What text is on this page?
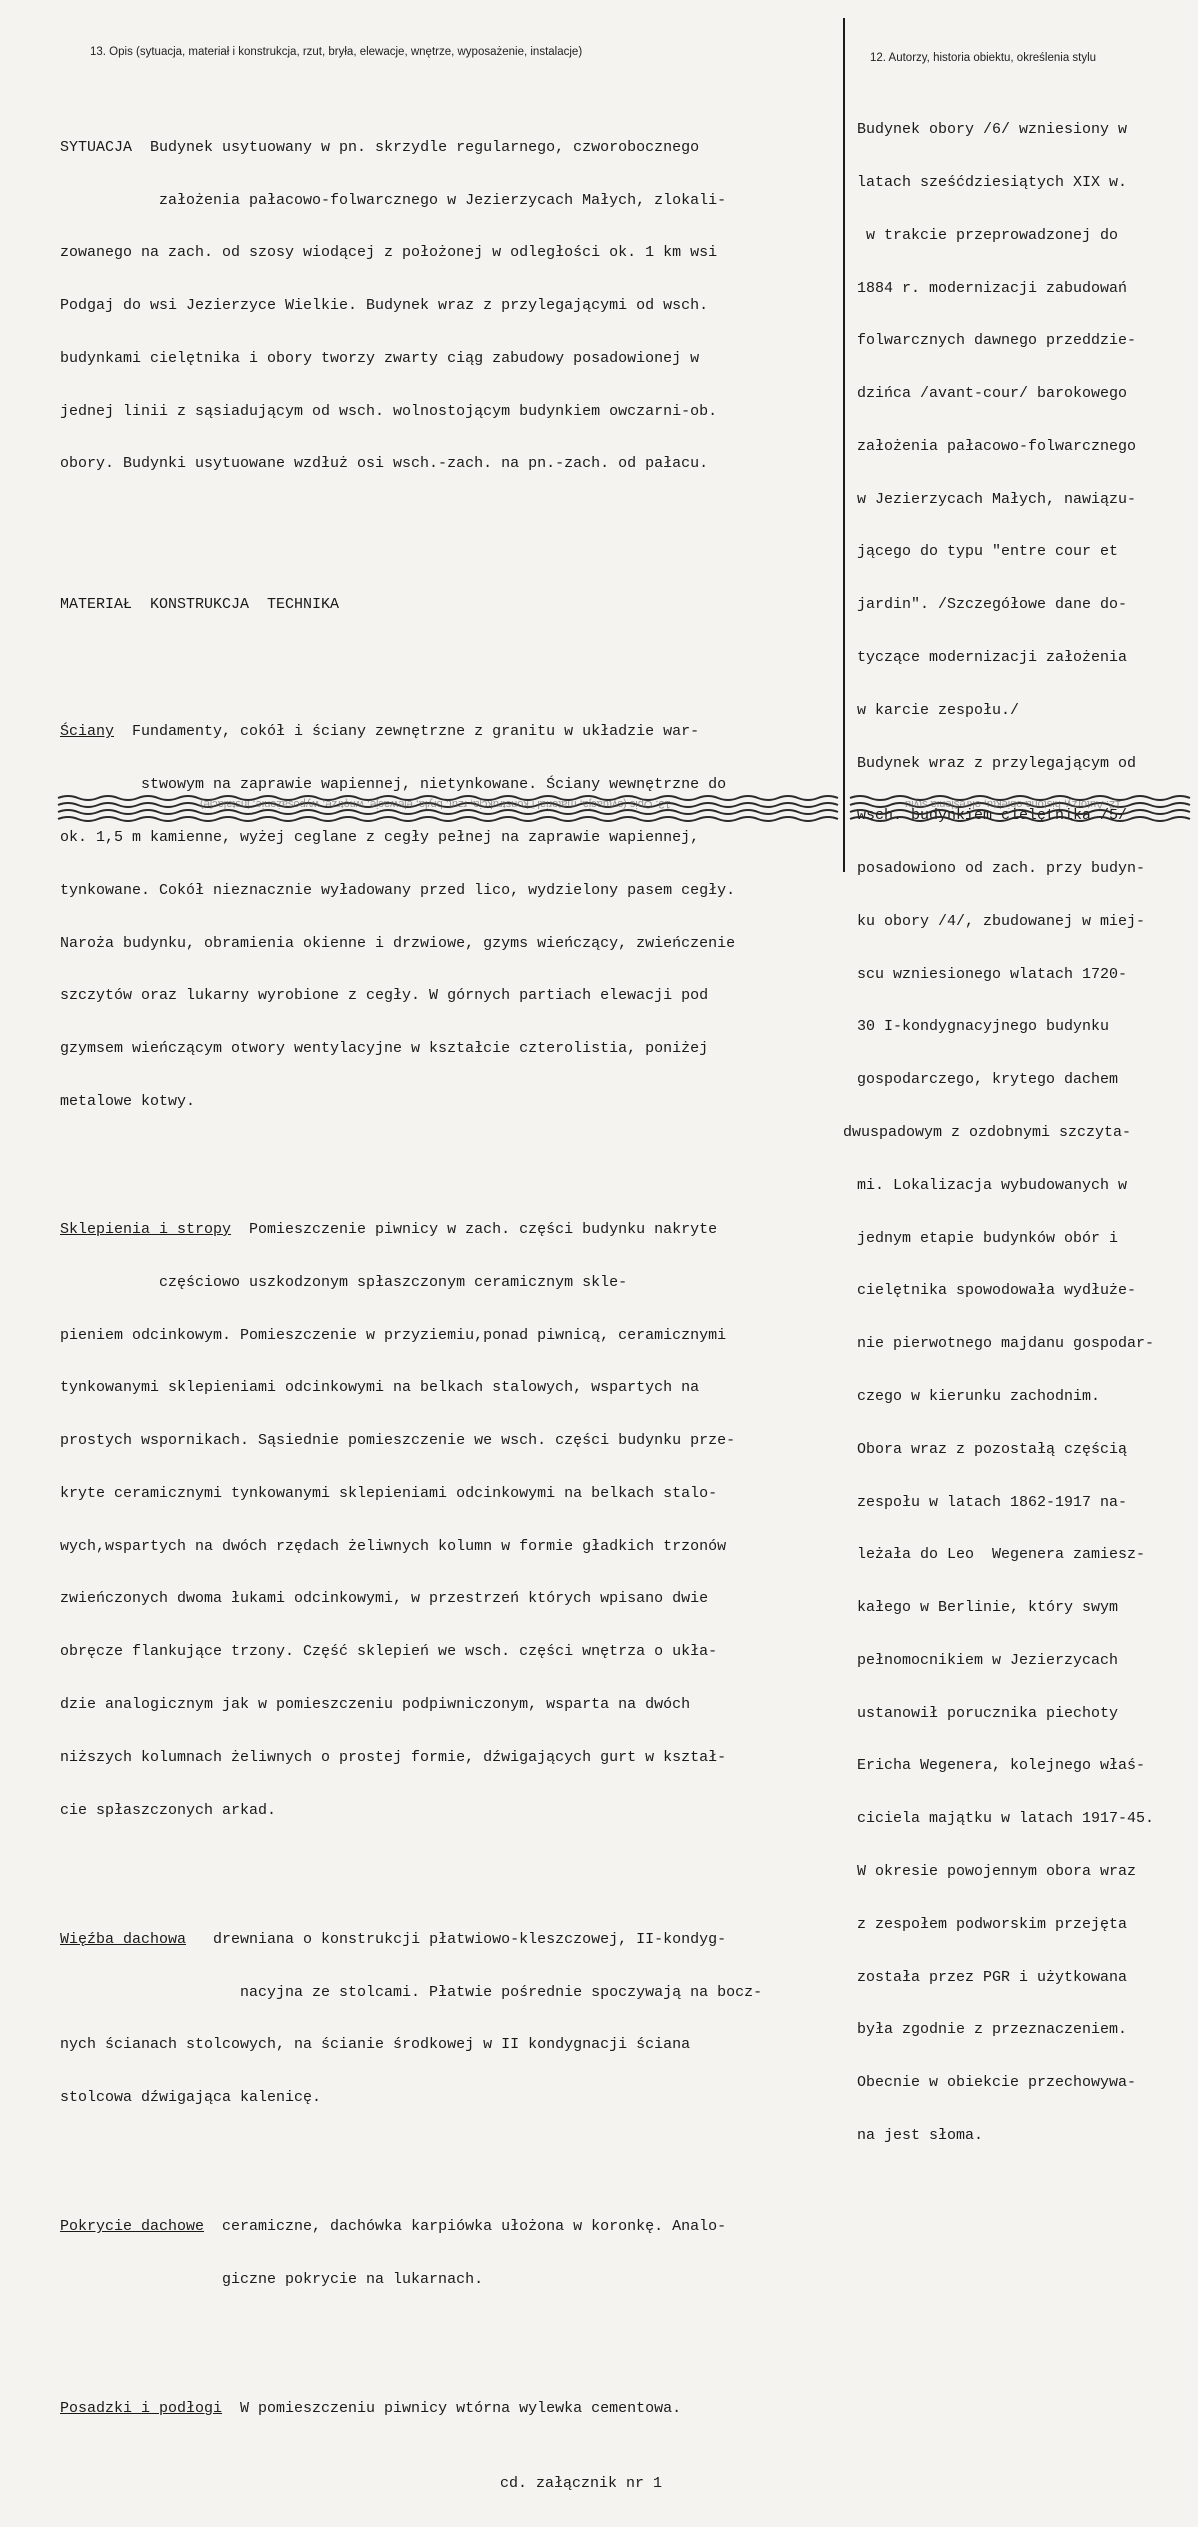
13. Opis (sytuacja, materiał i konstrukcja, rzut, bryła, elewacje, wnętrze, wyposażenie, instalacje)	12. Autorzy, historia obiektu, określenia stylu

SYTUACJA  Budynek usytuowany w pn. skrzydle regularnego, czworobocznego

założenia pałacowo-folwarcznego w Jezierzycach Małych, zlokali-

zowanego na zach. od szosy wiodącej z położonej w odległości ok. 1 km wsi

Podgaj do wsi Jezierzyce Wielkie. Budynek wraz z przylegającymi od wsch.

budynkami cielętnika i obory tworzy zwarty ciąg zabudowy posadowionej w

jednej linii z sąsiadującym od wsch. wolnostojącym budynkiem owczarni-ob.

obory. Budynki usytuowane wzdłuż osi wsch.-zach. na pn.-zach. od pałacu.

MATERIAŁ  KONSTRUKCJA  TECHNIKA

Ściany  Fundamenty, cokół i ściany zewnętrzne z granitu w układzie war-

stwowym na zaprawie wapiennej, nietynkowane. Ściany wewnętrzne do

ok. 1,5 m kamienne, wyżej ceglane z cegły pełnej na zaprawie wapiennej,

tynkowane. Cokół nieznacznie wyładowany przed lico, wydzielony pasem cegły.

Naroża budynku, obramienia okienne i drzwiowe, gzyms wieńczący, zwieńczenie

szczytów oraz lukarny wyrobione z cegły. W górnych partiach elewacji pod

gzymsem wieńczącym otwory wentylacyjne w kształcie czterolistia, poniżej

metalowe kotwy.

Sklepienia i stropy  Pomieszczenie piwnicy w zach. części budynku nakryte

częściowo uszkodzonym spłaszczonym ceramicznym skle-

pieniem odcinkowym. Pomieszczenie w przyziemiu,ponad piwnicą, ceramicznymi

tynkowanymi sklepieniami odcinkowymi na belkach stalowych, wspartych na

prostych wspornikach. Sąsiednie pomieszczenie we wsch. części budynku prze-

kryte ceramicznymi tynkowanymi sklepieniami odcinkowymi na belkach stalo-

wych,wspartych na dwóch rzędach żeliwnych kolumn w formie gładkich trzonów

zwieńczonych dwoma łukami odcinkowymi, w przestrzeń których wpisano dwie

obręcze flankujące trzony. Część sklepień we wsch. części wnętrza o ukła-

dzie analogicznym jak w pomieszczeniu podpiwniczonym, wsparta na dwóch

niższych kolumnach żeliwnych o prostej formie, dźwigających gurt w kształ-

cie spłaszczonych arkad.

Więźba dachowa   drewniana o konstrukcji płatwiowo-kleszczowej, II-kondyg-

nacyjna ze stolcami. Płatwie pośrednie spoczywają na bocz-

nych ścianach stolcowych, na ścianie środkowej w II kondygnacji ściana

stolcowa dźwigająca kalenicę.

Pokrycie dachowe  ceramiczne, dachówka karpiówka ułożona w koronkę. Analo-

giczne pokrycie na lukarnach.

Posadzki i podłogi  W pomieszczeniu piwnicy wtórna wylewka cementowa.

cd. załącznik nr 1

Budynek obory /6/ wzniesiony w

latach sześćdziesiątych XIX w.

w trakcie przeprowadzonej do

1884 r. modernizacji zabudowań

folwarcznych dawnego przeddzie-

dzińca /avant-cour/ barokowego

założenia pałacowo-folwarcznego

w Jezierzycach Małych, nawiązu-

jącego do typu "entre cour et

jardin". /Szczegółowe dane do-

tyczące modernizacji założenia

w karcie zespołu./

Budynek wraz z przylegającym od

wsch. budynkiem cielętnika /5/

posadowiono od zach. przy budyn-

ku obory /4/, zbudowanej w miej-

scu wzniesionego wlatach 1720-

30 I-kondygnacyjnego budynku

gospodarczego, krytego dachem

dwuspadowym z ozdobnymi szczyta-

mi. Lokalizacja wybudowanych w

jednym etapie budynków obór i

cielętnika spowodowała wydłuże-

nie pierwotnego majdanu gospodar-

czego w kierunku zachodnim.

Obora wraz z pozostałą częścią

zespołu w latach 1862-1917 na-

leżała do Leo  Wegenera zamiesz-

kałego w Berlinie, który swym

pełnomocnikiem w Jezierzycach

ustanowił porucznika piechoty

Ericha Wegenera, kolejnego właś-

ciciela majątku w latach 1917-45.

W okresie powojennym obora wraz

z zespołem podworskim przejęta

została przez PGR i użytkowana

była zgodnie z przeznaczeniem.

Obecnie w obiekcie przechowywa-

na jest słoma.

13. Opis (sytuacja, materiał i konstrukcja, rzut, bryła, elewacje, wnętrze, wyposażenie, instalacje)	12. Autorzy, historia obiektu, określenia stylu
